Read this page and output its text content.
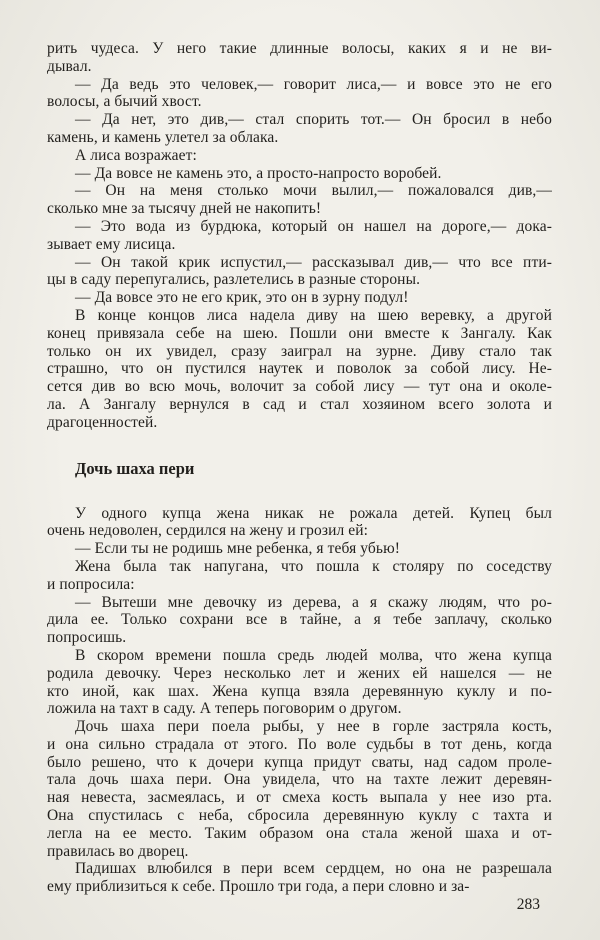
рить чудеса. У него такие длинные волосы, каких я и не ви-
дывал.
— Да ведь это человек,— говорит лиса,— и вовсе это не его
волосы, а бычий хвост.
— Да нет, это див,— стал спорить тот.— Он бросил в небо
камень, и камень улетел за облака.
А лиса возражает:
— Да вовсе не камень это, а просто-напросто воробей.
— Он на меня столько мочи вылил,— пожаловался див,—
сколько мне за тысячу дней не накопить!
— Это вода из бурдюка, который он нашел на дороге,— дока-
зывает ему лисица.
— Он такой крик испустил,— рассказывал див,— что все пти-
цы в саду перепугались, разлетелись в разные стороны.
— Да вовсе это не его крик, это он в зурну подул!
В конце концов лиса надела диву на шею веревку, а другой
конец привязала себе на шею. Пошли они вместе к Зангалу. Как
только он их увидел, сразу заиграл на зурне. Диву стало так
страшно, что он пустился наутек и поволок за собой лису. Не-
сется див во всю мочь, волочит за собой лису — тут она и околе-
ла. А Зангалу вернулся в сад и стал хозяином всего золота и
драгоценностей.
Дочь шаха пери
У одного купца жена никак не рожала детей. Купец был
очень недоволен, сердился на жену и грозил ей:
— Если ты не родишь мне ребенка, я тебя убью!
Жена была так напугана, что пошла к столяру по соседству
и попросила:
— Вытеши мне девочку из дерева, а я скажу людям, что ро-
дила ее. Только сохрани все в тайне, а я тебе заплачу, сколько
попросишь.
В скором времени пошла средь людей молва, что жена купца
родила девочку. Через несколько лет и жених ей нашелся — не
кто иной, как шах. Жена купца взяла деревянную куклу и по-
ложила на тахт в саду. А теперь поговорим о другом.
Дочь шаха пери поела рыбы, у нее в горле застряла кость,
и она сильно страдала от этого. По воле судьбы в тот день, когда
было решено, что к дочери купца придут сваты, над садом проле-
тала дочь шаха пери. Она увидела, что на тахте лежит деревян-
ная невеста, засмеялась, и от смеха кость выпала у нее изо рта.
Она спустилась с неба, сбросила деревянную куклу с тахта и
легла на ее место. Таким образом она стала женой шаха и от-
правилась во дворец.
Падишах влюбился в пери всем сердцем, но она не разрешала
ему приблизиться к себе. Прошло три года, а пери словно и за-
283
